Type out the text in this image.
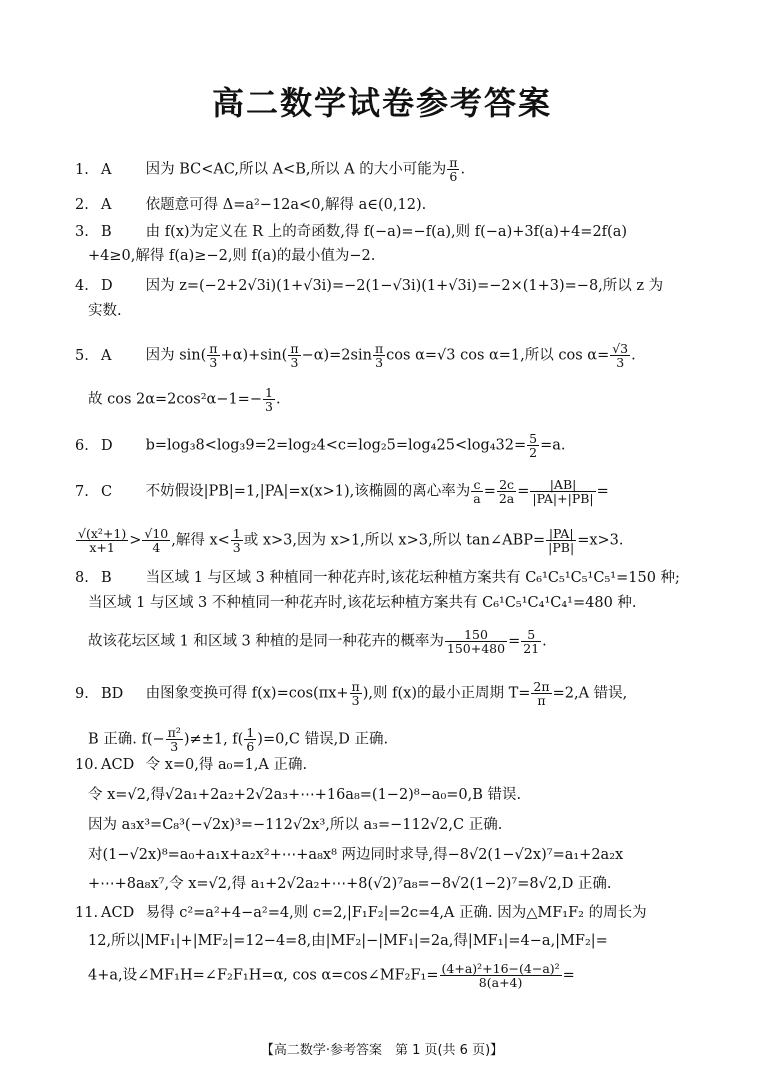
高二数学试卷参考答案
1. A 因为 BC<AC,所以 A<B,所以 A 的大小可能为 $\frac{\pi}{6}$ .
2. A 依题意可得 Δ=a²−12a<0,解得 a∈(0,12).
3. B 由 f(x)为定义在 R 上的奇函数,得 f(−a)=−f(a),则 f(−a)+3f(a)+4=2f(a)
+4≥0,解得 f(a)≥−2,则 f(a)的最小值为−2.
4. D 因为 z=(−2+2√3i)(1+√3i)=−2(1−√3i)(1+√3i)=−2×(1+3)=−8,所以 z 为
实数.
5. A 因为 $\sin( \frac{\pi}{3} +\alpha)+\sin( \frac{\pi}{3} -\alpha)=2\sin \frac{\pi}{3}$ cos α=√3 cos α=1,所以 $\cos \alpha= \frac{√3}{3}$ .
故 $\cos 2\alpha=2\cos^2\alpha-1=- \frac{1}{3}$ .
6. D $b=\log_38<\log_39=2=\log_24<c=\log_25=\log_425<\log_432= \frac{5}{2} =a$.
7. C 不妨假设|PB|=1,|PA|=x(x>1),该椭圆的离心率为 $\frac{c}{a} = \frac{2c}{2a} = \frac{|AB|}{|PA|+|PB|}$ =
$\frac{\text{√(x²+1)}}{x+1} > \frac{√10}{4}$ ,解得 $x< \frac{1}{3}$ 或 x>3,因为 x>1,所以 x>3,所以 tan∠ABP= $\frac{|PA|}{|PB|} =x>3$.
8. B 当区域 1 与区域 3 种植同一种花卉时,该花坛种植方案共有 C₆¹C₅¹C₅¹C₅¹=150 种;
当区域 1 与区域 3 不种植同一种花卉时,该花坛种植方案共有 C₆¹C₅¹C₄¹C₄¹=480 种.
故该花坛区域 1 和区域 3 种植的是同一种花卉的概率为 $\frac{150}{150+480} = \frac{5}{21}$ .
9. BD 由图象变换可得 $f(x)=\cos(\pi x+ \frac{\pi}{3}$ ),则 f(x)的最小正周期 $T= \frac{2\pi}{\pi} =2,A$ 错误,
B 正确. $f(- \frac{\text{π²}}{3} )\ne\pm 1$, $f( \frac{1}{6} )=0,C$ 错误,D 正确.
10. ACD 令 x=0,得 a₀=1,A 正确.
令 x=√2,得√2a₁+2a₂+2√2a₃+⋯+16a₈=(1−2)⁸−a₀=0,B 错误.
因为 a₃x³=C₈³(−√2x)³=−112√2x³,所以 a₃=−112√2,C 正确.
对(1−√2x)⁸=a₀+a₁x+a₂x²+⋯+a₈x⁸ 两边同时求导,得−8√2(1−√2x)⁷=a₁+2a₂x
+⋯+8a₈x⁷,令 x=√2,得 a₁+2√2a₂+⋯+8(√2)⁷a₈=−8√2(1−2)⁷=8√2,D 正确.
11. ACD 易得 c²=a²+4−a²=4,则 c=2,|F₁F₂|=2c=4,A 正确. 因为△MF₁F₂ 的周长为
12,所以|MF₁|+|MF₂|=12−4=8,由|MF₂|−|MF₁|=2a,得|MF₁|=4−a,|MF₂|=
4+a,设∠MF₁H=∠F₂F₁H=α, cos α=cos∠MF₂F₁= $\frac{\text{(4+a)²+16−(4−a)²}}{8(a+4)}$ =
【高二数学·参考答案　第 1 页(共 6 页)】
